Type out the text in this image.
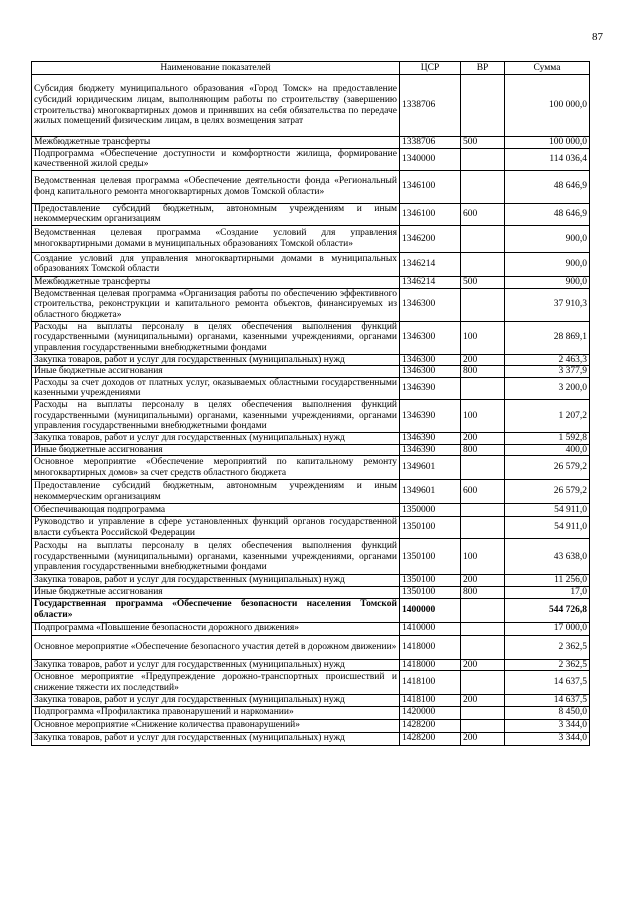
87
Наименование показателей	ЦСР	ВР	Сумма
Субсидия бюджету муниципального образования «Город Томск» на предоставление субсидий юридическим лицам, выполняющим работы по строительству (завершению строительства) многоквартирных домов и принявших на себя обязательства по передаче жилых помещений физическим лицам, в целях возмещения затрат	1338706		100 000,0
Межбюджетные трансферты	1338706	500	100 000,0
Подпрограмма «Обеспечение доступности и комфортности жилища, формирование качественной жилой среды»	1340000		114 036,4
Ведомственная целевая программа «Обеспечение деятельности фонда «Региональный фонд капитального ремонта многоквартирных домов Томской области»	1346100		48 646,9
Предоставление субсидий бюджетным, автономным учреждениям и иным некоммерческим организациям	1346100	600	48 646,9
Ведомственная целевая программа «Создание условий для управления многоквартирными домами в муниципальных образованиях Томской области»	1346200		900,0
Создание условий для управления многоквартирными домами в муниципальных образованиях Томской области	1346214		900,0
Межбюджетные трансферты	1346214	500	900,0
Ведомственная целевая программа «Организация работы по обеспечению эффективного строительства, реконструкции и капитального ремонта объектов, финансируемых из областного бюджета»	1346300		37 910,3
Расходы на выплаты персоналу в целях обеспечения выполнения функций государственными (муниципальными) органами, казенными учреждениями, органами управления государственными внебюджетными фондами	1346300	100	28 869,1
Закупка товаров, работ и услуг для государственных (муниципальных) нужд	1346300	200	2 463,3
Иные бюджетные ассигнования	1346300	800	3 377,9
Расходы за счет доходов от платных услуг, оказываемых областными государственными казенными учреждениями	1346390		3 200,0
Расходы на выплаты персоналу в целях обеспечения выполнения функций государственными (муниципальными) органами, казенными учреждениями, органами управления государственными внебюджетными фондами	1346390	100	1 207,2
Закупка товаров, работ и услуг для государственных (муниципальных) нужд	1346390	200	1 592,8
Иные бюджетные ассигнования	1346390	800	400,0
Основное мероприятие «Обеспечение мероприятий по капитальному ремонту многоквартирных домов» за счет средств областного бюджета	1349601		26 579,2
Предоставление субсидий бюджетным, автономным учреждениям и иным некоммерческим организациям	1349601	600	26 579,2
Обеспечивающая подпрограмма	1350000		54 911,0
Руководство и управление в сфере установленных функций органов государственной власти субъекта Российской Федерации	1350100		54 911,0
Расходы на выплаты персоналу в целях обеспечения выполнения функций государственными (муниципальными) органами, казенными учреждениями, органами управления государственными внебюджетными фондами	1350100	100	43 638,0
Закупка товаров, работ и услуг для государственных (муниципальных) нужд	1350100	200	11 256,0
Иные бюджетные ассигнования	1350100	800	17,0
Государственная программа «Обеспечение безопасности населения Томской области»	1400000		544 726,8
Подпрограмма «Повышение безопасности дорожного движения»	1410000		17 000,0
Основное мероприятие «Обеспечение безопасного участия детей в дорожном движении»	1418000		2 362,5
Закупка товаров, работ и услуг для государственных (муниципальных) нужд	1418000	200	2 362,5
Основное мероприятие «Предупреждение дорожно-транспортных происшествий и снижение тяжести их последствий»	1418100		14 637,5
Закупка товаров, работ и услуг для государственных (муниципальных) нужд	1418100	200	14 637,5
Подпрограмма «Профилактика правонарушений и наркомании»	1420000		8 450,0
Основное мероприятие «Снижение количества правонарушений»	1428200		3 344,0
Закупка товаров, работ и услуг для государственных (муниципальных) нужд	1428200	200	3 344,0
